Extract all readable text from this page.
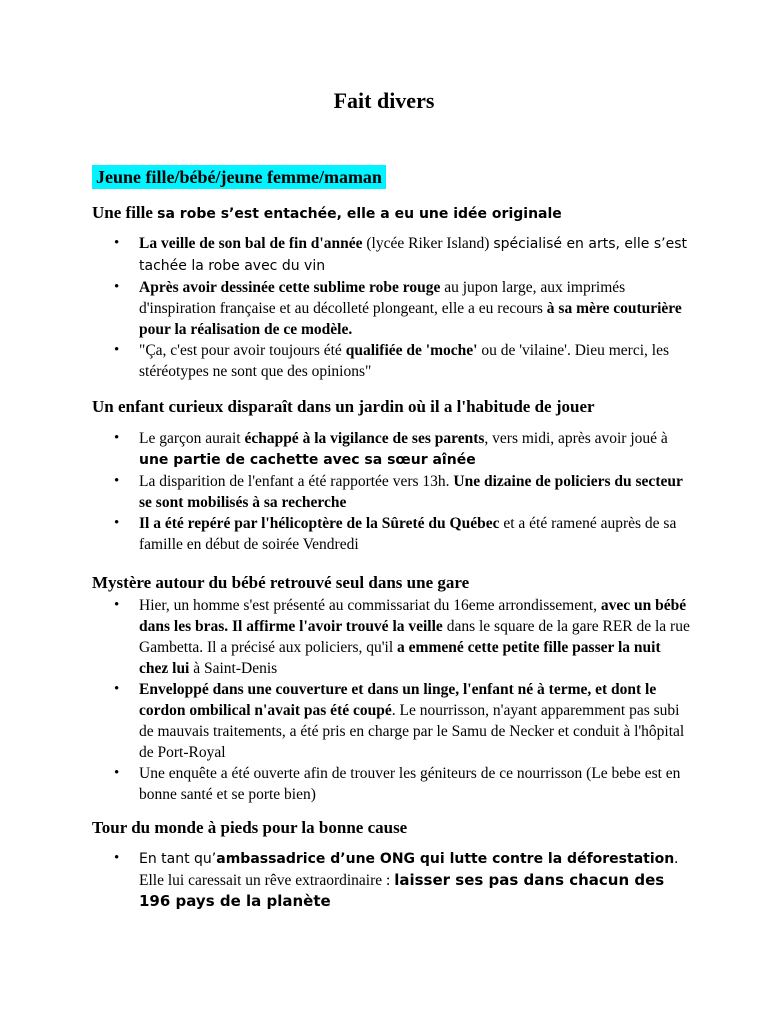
Fait divers
Jeune fille/bébé/jeune femme/maman
Une fille sa robe s’est entachée, elle a eu une idée originale
• La veille de son bal de fin d'année (lycée Riker Island) spécialisé en arts, elle s’est tachée la robe avec du vin
• Après avoir dessinée cette sublime robe rouge au jupon large, aux imprimés d'inspiration française et au décolleté plongeant, elle a eu recours à sa mère couturière pour la réalisation de ce modèle.
• "Ça, c'est pour avoir toujours été qualifiée de 'moche' ou de 'vilaine'. Dieu merci, les stéréotypes ne sont que des opinions"
Un enfant curieux disparaît dans un jardin où il a l'habitude de jouer
• Le garçon aurait échappé à la vigilance de ses parents, vers midi, après avoir joué à une partie de cachette avec sa sœur aînée
• La disparition de l'enfant a été rapportée vers 13h. Une dizaine de policiers du secteur se sont mobilisés à sa recherche
• Il a été repéré par l'hélicoptère de la Sûreté du Québec et a été ramené auprès de sa famille en début de soirée Vendredi
Mystère autour du bébé retrouvé seul dans une gare
• Hier, un homme s'est présenté au commissariat du 16eme arrondissement, avec un bébé dans les bras. Il affirme l'avoir trouvé la veille dans le square de la gare RER de la rue Gambetta. Il a précisé aux policiers, qu'il a emmené cette petite fille passer la nuit chez lui à Saint-Denis
• Enveloppé dans une couverture et dans un linge, l'enfant né à terme, et dont le cordon ombilical n'avait pas été coupé. Le nourrisson, n'ayant apparemment pas subi de mauvais traitements, a été pris en charge par le Samu de Necker et conduit à l'hôpital de Port-Royal
• Une enquête a été ouverte afin de trouver les géniteurs de ce nourrisson (Le bebe est en bonne santé et se porte bien)
Tour du monde à pieds pour la bonne cause
• En tant qu’ambassadrice d’une ONG qui lutte contre la déforestation. Elle lui caressait un rêve extraordinaire : laisser ses pas dans chacun des 196 pays de la planète
